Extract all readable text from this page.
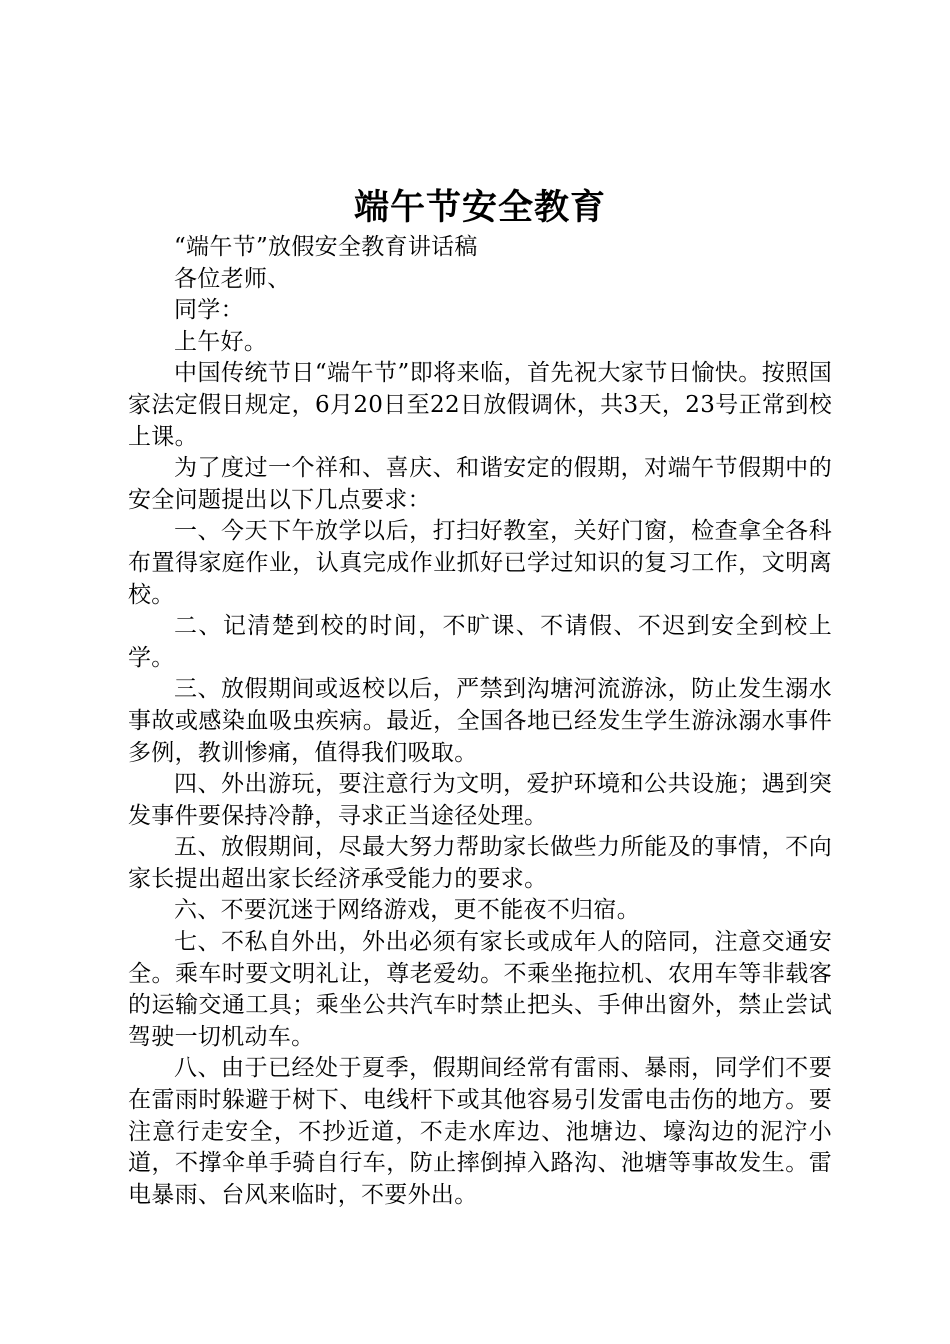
端午节安全教育

“端午节”放假安全教育讲话稿

各位老师、

同学：

上午好。

中国传统节日“端午节”即将来临，首先祝大家节日愉快。按照国家法定假日规定，6月20日至22日放假调休，共3天，23号正常到校上课。

为了度过一个祥和、喜庆、和谐安定的假期，对端午节假期中的安全问题提出以下几点要求：

一、今天下午放学以后，打扫好教室，关好门窗，检查拿全各科布置得家庭作业，认真完成作业抓好已学过知识的复习工作，文明离校。

二、记清楚到校的时间，不旷课、不请假、不迟到安全到校上学。

三、放假期间或返校以后，严禁到沟塘河流游泳，防止发生溺水事故或感染血吸虫疾病。最近，全国各地已经发生学生游泳溺水事件多例，教训惨痛，值得我们吸取。

四、外出游玩，要注意行为文明，爱护环境和公共设施；遇到突发事件要保持冷静，寻求正当途径处理。

五、放假期间，尽最大努力帮助家长做些力所能及的事情，不向家长提出超出家长经济承受能力的要求。

六、不要沉迷于网络游戏，更不能夜不归宿。

七、不私自外出，外出必须有家长或成年人的陪同，注意交通安全。乘车时要文明礼让，尊老爱幼。不乘坐拖拉机、农用车等非载客的运输交通工具；乘坐公共汽车时禁止把头、手伸出窗外，禁止尝试驾驶一切机动车。

八、由于已经处于夏季，假期间经常有雷雨、暴雨，同学们不要在雷雨时躲避于树下、电线杆下或其他容易引发雷电击伤的地方。要注意行走安全，不抄近道，不走水库边、池塘边、壕沟边的泥泞小道，不撑伞单手骑自行车，防止摔倒掉入路沟、池塘等事故发生。雷电暴雨、台风来临时，不要外出。
